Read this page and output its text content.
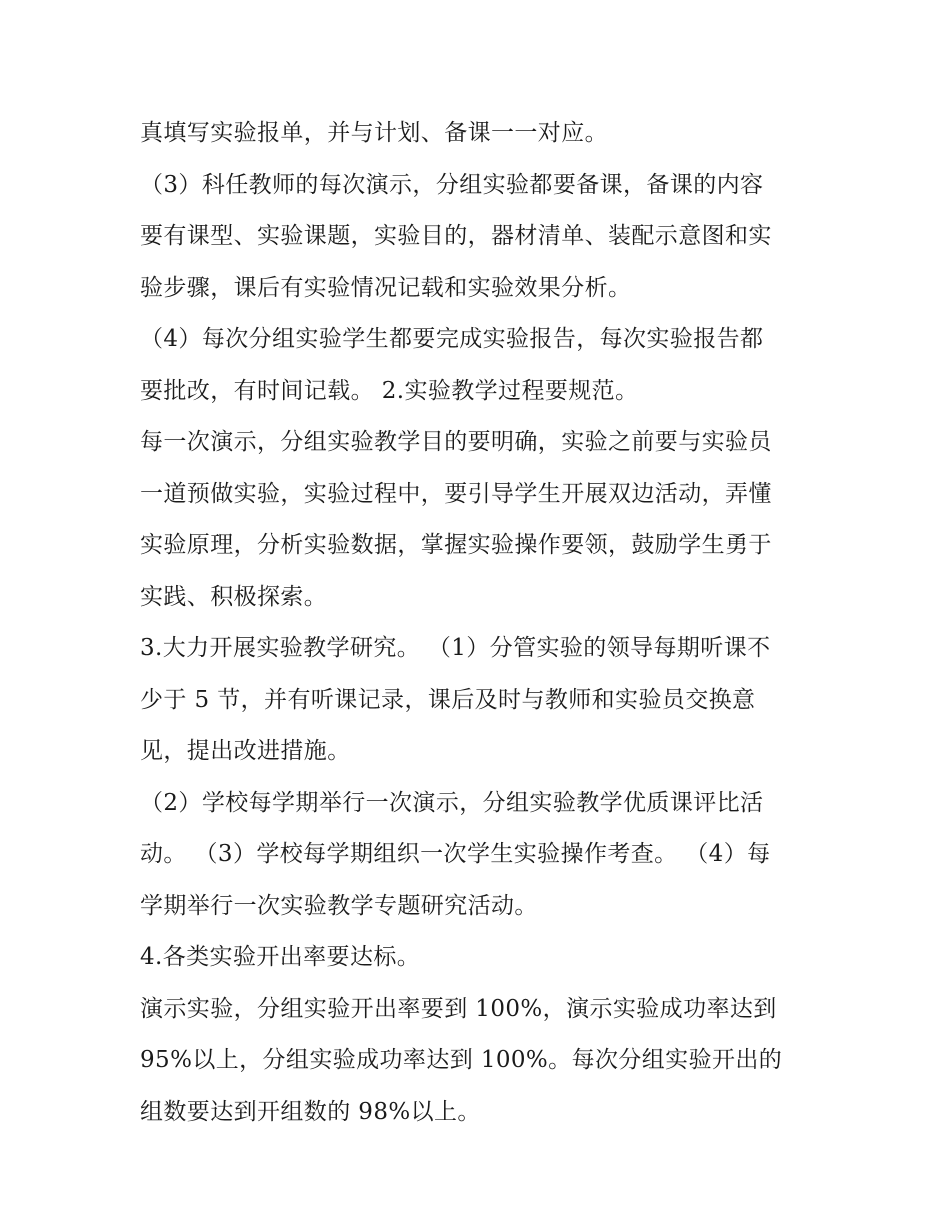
真填写实验报单，并与计划、备课一一对应。
（3）科任教师的每次演示，分组实验都要备课，备课的内容
要有课型、实验课题，实验目的，器材清单、装配示意图和实
验步骤，课后有实验情况记载和实验效果分析。
（4）每次分组实验学生都要完成实验报告，每次实验报告都
要批改，有时间记载。 2.实验教学过程要规范。
每一次演示，分组实验教学目的要明确，实验之前要与实验员
一道预做实验，实验过程中，要引导学生开展双边活动，弄懂
实验原理，分析实验数据，掌握实验操作要领，鼓励学生勇于
实践、积极探索。
3.大力开展实验教学研究。 （1）分管实验的领导每期听课不
少于 5 节，并有听课记录，课后及时与教师和实验员交换意
见，提出改进措施。
（2）学校每学期举行一次演示，分组实验教学优质课评比活
动。 （3）学校每学期组织一次学生实验操作考查。 （4）每
学期举行一次实验教学专题研究活动。
4.各类实验开出率要达标。
演示实验，分组实验开出率要到 100%，演示实验成功率达到
95%以上，分组实验成功率达到 100%。每次分组实验开出的
组数要达到开组数的 98%以上。
